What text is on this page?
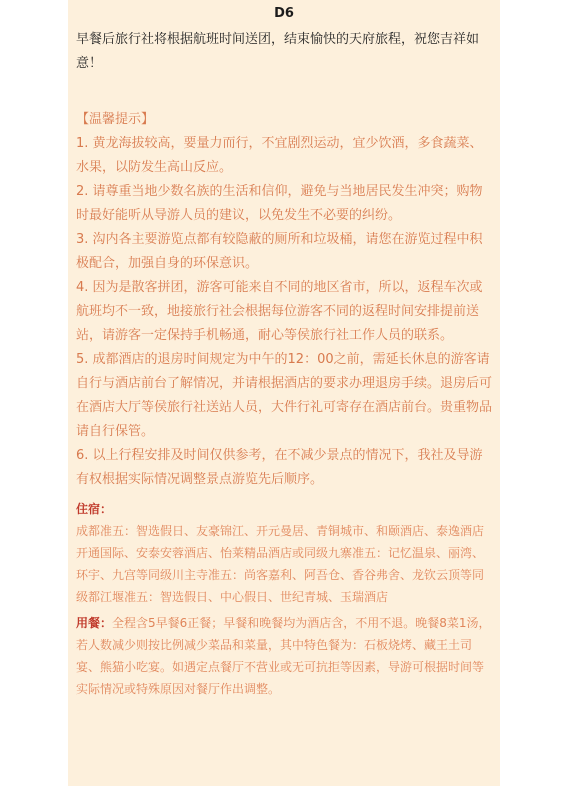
D6

早餐后旅行社将根据航班时间送团，结束愉快的天府旅程，祝您吉祥如意！

【温馨提示】

1. 黄龙海拔较高，要量力而行，不宜剧烈运动，宜少饮酒，多食蔬菜、水果，以防发生高山反应。

2. 请尊重当地少数名族的生活和信仰，避免与当地居民发生冲突；购物时最好能听从导游人员的建议，以免发生不必要的纠纷。

3. 沟内各主要游览点都有较隐蔽的厕所和垃圾桶，请您在游览过程中积极配合，加强自身的环保意识。

4. 因为是散客拼团，游客可能来自不同的地区省市，所以，返程车次或航班均不一致，地接旅行社会根据每位游客不同的返程时间安排提前送站，请游客一定保持手机畅通，耐心等侯旅行社工作人员的联系。

5. 成都酒店的退房时间规定为中午的12：00之前，需延长休息的游客请自行与酒店前台了解情况，并请根据酒店的要求办理退房手续。退房后可在酒店大厅等侯旅行社送站人员，大件行礼可寄存在酒店前台。贵重物品请自行保管。

6. 以上行程安排及时间仅供参考，在不减少景点的情况下，我社及导游有权根据实际情况调整景点游览先后顺序。

住宿：

成都准五：智选假日、友豪锦江、开元曼居、青铜城市、和颐酒店、泰逸酒店开通国际、安泰安蓉酒店、怡莱精品酒店或同级九寨准五：记忆温泉、丽湾、环宇、九宫等同级川主寺准五：尚客嘉利、阿吾仓、香谷弗舍、龙钦云顶等同级都江堰准五：智选假日、中心假日、世纪青城、玉瑞酒店

用餐：全程含5早餐6正餐；早餐和晚餐均为酒店含，不用不退。晚餐8菜1汤，若人数减少则按比例减少菜品和菜量，其中特色餐为：石板烧烤、藏王土司宴、熊猫小吃宴。如遇定点餐厅不营业或无可抗拒等因素，导游可根据时间等实际情况或特殊原因对餐厅作出调整。
